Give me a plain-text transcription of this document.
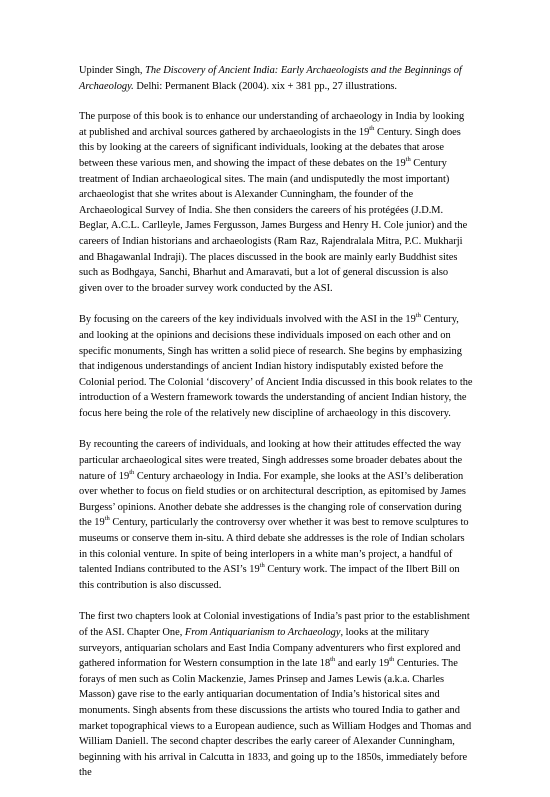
Upinder Singh, The Discovery of Ancient India: Early Archaeologists and the Beginnings of Archaeology. Delhi: Permanent Black (2004). xix + 381 pp., 27 illustrations.

The purpose of this book is to enhance our understanding of archaeology in India by looking at published and archival sources gathered by archaeologists in the 19th Century. Singh does this by looking at the careers of significant individuals, looking at the debates that arose between these various men, and showing the impact of these debates on the 19th Century treatment of Indian archaeological sites. The main (and undisputedly the most important) archaeologist that she writes about is Alexander Cunningham, the founder of the Archaeological Survey of India. She then considers the careers of his protégées (J.D.M. Beglar, A.C.L. Carlleyle, James Fergusson, James Burgess and Henry H. Cole junior) and the careers of Indian historians and archaeologists (Ram Raz, Rajendralala Mitra, P.C. Mukharji and Bhagawanlal Indraji). The places discussed in the book are mainly early Buddhist sites such as Bodhgaya, Sanchi, Bharhut and Amaravati, but a lot of general discussion is also given over to the broader survey work conducted by the ASI.

By focusing on the careers of the key individuals involved with the ASI in the 19th Century, and looking at the opinions and decisions these individuals imposed on each other and on specific monuments, Singh has written a solid piece of research. She begins by emphasizing that indigenous understandings of ancient Indian history indisputably existed before the Colonial period. The Colonial ‘discovery’ of Ancient India discussed in this book relates to the introduction of a Western framework towards the understanding of ancient Indian history, the focus here being the role of the relatively new discipline of archaeology in this discovery.

By recounting the careers of individuals, and looking at how their attitudes effected the way particular archaeological sites were treated, Singh addresses some broader debates about the nature of 19th Century archaeology in India. For example, she looks at the ASI’s deliberation over whether to focus on field studies or on architectural description, as epitomised by James Burgess’ opinions. Another debate she addresses is the changing role of conservation during the 19th Century, particularly the controversy over whether it was best to remove sculptures to museums or conserve them in-situ. A third debate she addresses is the role of Indian scholars in this colonial venture. In spite of being interlopers in a white man’s project, a handful of talented Indians contributed to the ASI’s 19th Century work. The impact of the Ilbert Bill on this contribution is also discussed.

The first two chapters look at Colonial investigations of India’s past prior to the establishment of the ASI. Chapter One, From Antiquarianism to Archaeology, looks at the military surveyors, antiquarian scholars and East India Company adventurers who first explored and gathered information for Western consumption in the late 18th and early 19th Centuries. The forays of men such as Colin Mackenzie, James Prinsep and James Lewis (a.k.a. Charles Masson) gave rise to the early antiquarian documentation of India’s historical sites and monuments. Singh absents from these discussions the artists who toured India to gather and market topographical views to a European audience, such as William Hodges and Thomas and William Daniell. The second chapter describes the early career of Alexander Cunningham, beginning with his arrival in Calcutta in 1833, and going up to the 1850s, immediately before the
